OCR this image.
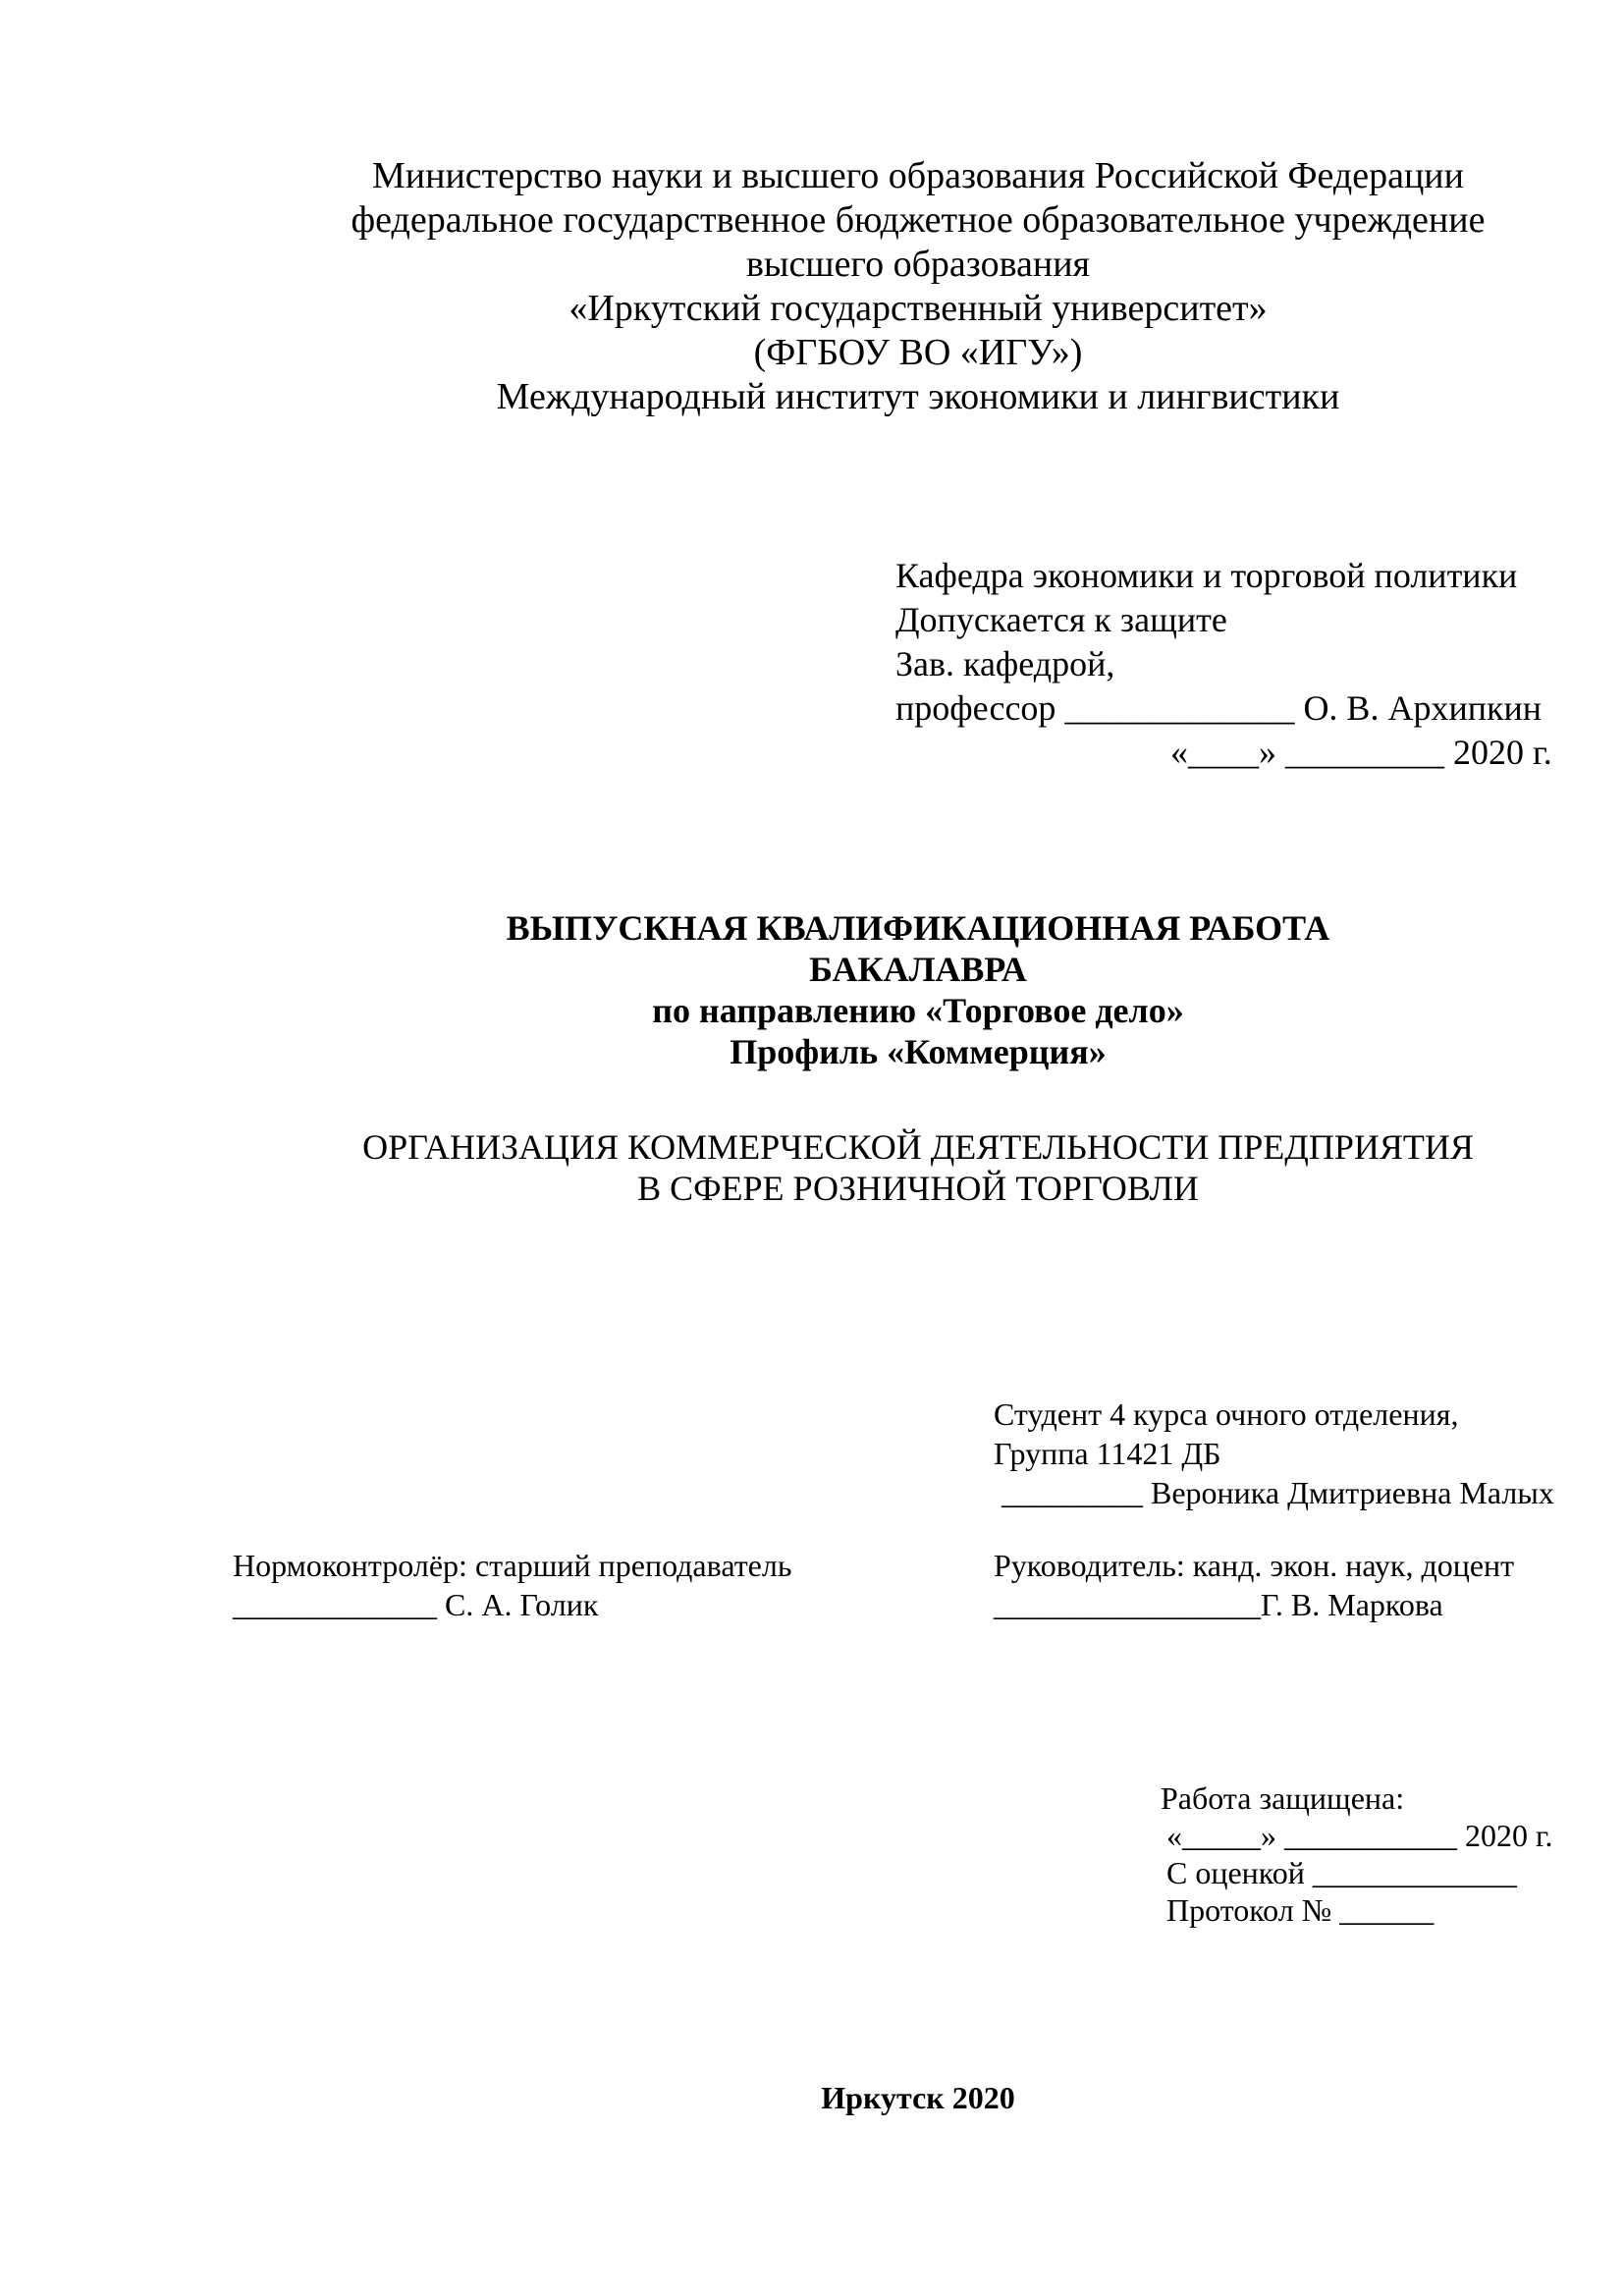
Министерство науки и высшего образования Российской Федерации
федеральное государственное бюджетное образовательное учреждение
высшего образования
«Иркутский государственный университет»
(ФГБОУ ВО «ИГУ»)
Международный институт экономики и лингвистики
Кафедра экономики и торговой политики
Допускается к защите
Зав. кафедрой,
профессор _____________ О. В. Архипкин
«____» _________ 2020 г.
ВЫПУСКНАЯ КВАЛИФИКАЦИОННАЯ РАБОТА
БАКАЛАВРА
по направлению «Торговое дело»
Профиль «Коммерция»
ОРГАНИЗАЦИЯ КОММЕРЧЕСКОЙ ДЕЯТЕЛЬНОСТИ ПРЕДПРИЯТИЯ
В СФЕРЕ РОЗНИЧНОЙ ТОРГОВЛИ
Студент 4 курса очного отделения,
Группа 11421 ДБ
_________ Вероника Дмитриевна Малых
Нормоконтролёр: старший преподаватель
_____________ С. А. Голик
Руководитель: канд. экон. наук, доцент
_________________Г. В. Маркова
Работа защищена:
«_____» ___________ 2020 г.
С оценкой _____________
Протокол № ______
Иркутск 2020
